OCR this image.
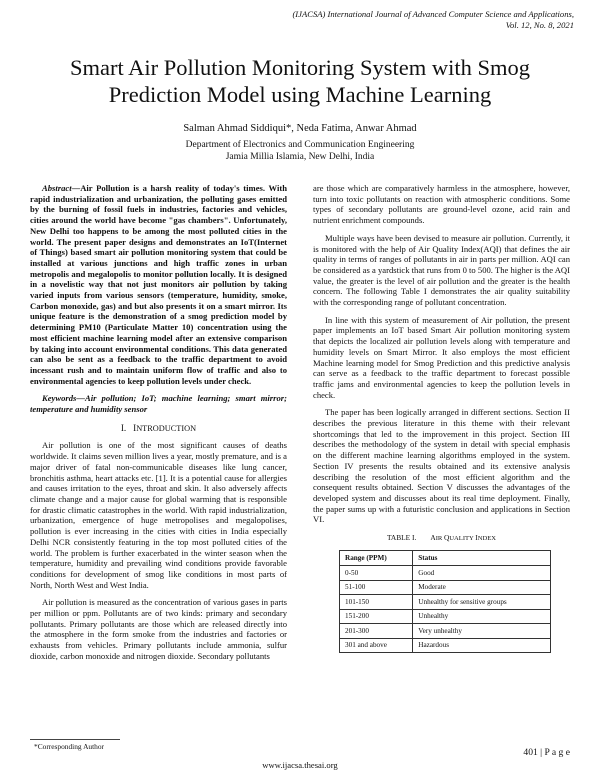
(IJACSA) International Journal of Advanced Computer Science and Applications,
Vol. 12, No. 8, 2021
Smart Air Pollution Monitoring System with Smog
Prediction Model using Machine Learning
Salman Ahmad Siddiqui*, Neda Fatima, Anwar Ahmad
Department of Electronics and Communication Engineering
Jamia Millia Islamia, New Delhi, India

Abstract—Air Pollution is a harsh reality of today's times. With rapid industrialization and urbanization, the polluting gases emitted by the burning of fossil fuels in industries, factories and vehicles, cities around the world have become "gas chambers". Unfortunately, New Delhi too happens to be among the most polluted cities in the world. The present paper designs and demonstrates an IoT(Internet of Things) based smart air pollution monitoring system that could be installed at various junctions and high traffic zones in urban metropolis and megalopolis to monitor pollution locally. It is designed in a novelistic way that not just monitors air pollution by taking varied inputs from various sensors (temperature, humidity, smoke, Carbon monoxide, gas) and but also presents it on a smart mirror. Its unique feature is the demonstration of a smog prediction model by determining PM10 (Particulate Matter 10) concentration using the most efficient machine learning model after an extensive comparison by taking into account environmental conditions. This data generated can also be sent as a feedback to the traffic department to avoid incessant rush and to maintain uniform flow of traffic and also to environmental agencies to keep pollution levels under check.

Keywords—Air pollution; IoT; machine learning; smart mirror; temperature and humidity sensor

I. INTRODUCTION

Air pollution is one of the most significant causes of deaths worldwide. It claims seven million lives a year, mostly premature, and is a major driver of fatal non-communicable diseases like lung cancer, bronchitis asthma, heart attacks etc. [1]. It is a potential cause for allergies and causes irritation to the eyes, throat and skin. It also adversely affects climate change and a major cause for global warming that is responsible for drastic climatic catastrophes in the world. With rapid industrialization, urbanization, emergence of huge metropolises and megalopolises, pollution is ever increasing in the cities with cities in India especially Delhi NCR consistently featuring in the top most polluted cities of the world. The problem is further exacerbated in the winter season when the temperature, humidity and prevailing wind conditions provide favorable conditions for development of smog like conditions in most parts of North, North West and West India.

Air pollution is measured as the concentration of various gases in parts per million or ppm. Pollutants are of two kinds: primary and secondary pollutants. Primary pollutants are those which are released directly into the atmosphere in the form smoke from the industries and factories or exhausts from vehicles. Primary pollutants include ammonia, sulfur dioxide, carbon monoxide and nitrogen dioxide. Secondary pollutants

are those which are comparatively harmless in the atmosphere, however, turn into toxic pollutants on reaction with atmospheric conditions. Some types of secondary pollutants are ground-level ozone, acid rain and nutrient enrichment compounds.

Multiple ways have been devised to measure air pollution. Currently, it is monitored with the help of Air Quality Index(AQI) that defines the air quality in terms of ranges of pollutants in air in parts per million. AQI can be considered as a yardstick that runs from 0 to 500. The higher is the AQI value, the greater is the level of air pollution and the greater is the health concern. The following Table I demonstrates the air quality suitability with the corresponding range of pollutant concentration.

In line with this system of measurement of Air pollution, the present paper implements an IoT based Smart Air pollution monitoring system that depicts the localized air pollution levels along with temperature and humidity levels on Smart Mirror. It also employs the most efficient Machine learning model for Smog Prediction and this predictive analysis can serve as a feedback to the traffic department to forecast possible traffic jams and environmental agencies to keep the pollution levels in check.

The paper has been logically arranged in different sections. Section II describes the previous literature in this theme with their relevant shortcomings that led to the improvement in this project. Section III describes the methodology of the system in detail with special emphasis on the different machine learning algorithms employed in the system. Section IV presents the results obtained and its extensive analysis describing the resolution of the most efficient algorithm and the consequent results obtained. Section V discusses the advantages of the developed system and discusses about its real time deployment. Finally, the paper sums up with a futuristic conclusion and applications in Section VI.

TABLE I. AIR QUALITY INDEX
Range (PPM)	Status
0-50	Good
51-100	Moderate
101-150	Unhealthy for sensitive groups
151-200	Unhealthy
201-300	Very unhealthy
301 and above	Hazardous
*Corresponding Author
401 | P a g e
www.ijacsa.thesai.org
